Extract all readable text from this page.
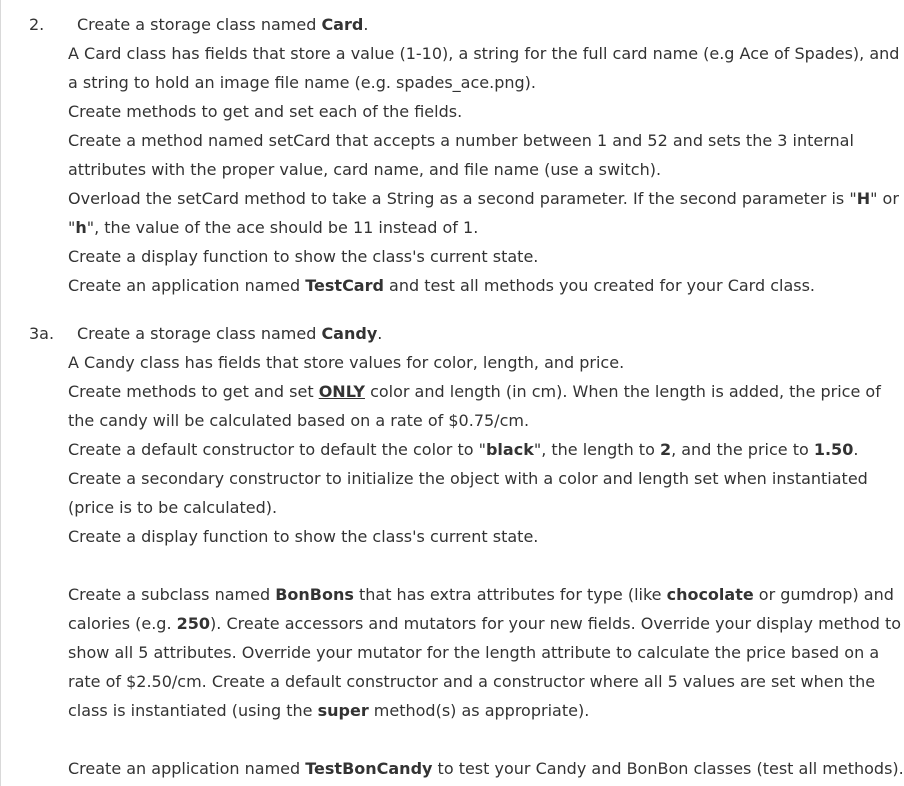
2.	Create a storage class named Card.
A Card class has fields that store a value (1-10), a string for the full card name (e.g Ace of Spades), and
a string to hold an image file name (e.g. spades_ace.png).
Create methods to get and set each of the fields.
Create a method named setCard that accepts a number between 1 and 52 and sets the 3 internal
attributes with the proper value, card name, and file name (use a switch).
Overload the setCard method to take a String as a second parameter. If the second parameter is "H" or
"h", the value of the ace should be 11 instead of 1.
Create a display function to show the class's current state.
Create an application named TestCard and test all methods you created for your Card class.
3a.	Create a storage class named Candy.
A Candy class has fields that store values for color, length, and price.
Create methods to get and set ONLY color and length (in cm). When the length is added, the price of
the candy will be calculated based on a rate of $0.75/cm.
Create a default constructor to default the color to "black", the length to 2, and the price to 1.50.
Create a secondary constructor to initialize the object with a color and length set when instantiated
(price is to be calculated).
Create a display function to show the class's current state.
Create a subclass named BonBons that has extra attributes for type (like chocolate or gumdrop) and
calories (e.g. 250). Create accessors and mutators for your new fields. Override your display method to
show all 5 attributes. Override your mutator for the length attribute to calculate the price based on a
rate of $2.50/cm. Create a default constructor and a constructor where all 5 values are set when the
class is instantiated (using the super method(s) as appropriate).
Create an application named TestBonCandy to test your Candy and BonBon classes (test all methods).
